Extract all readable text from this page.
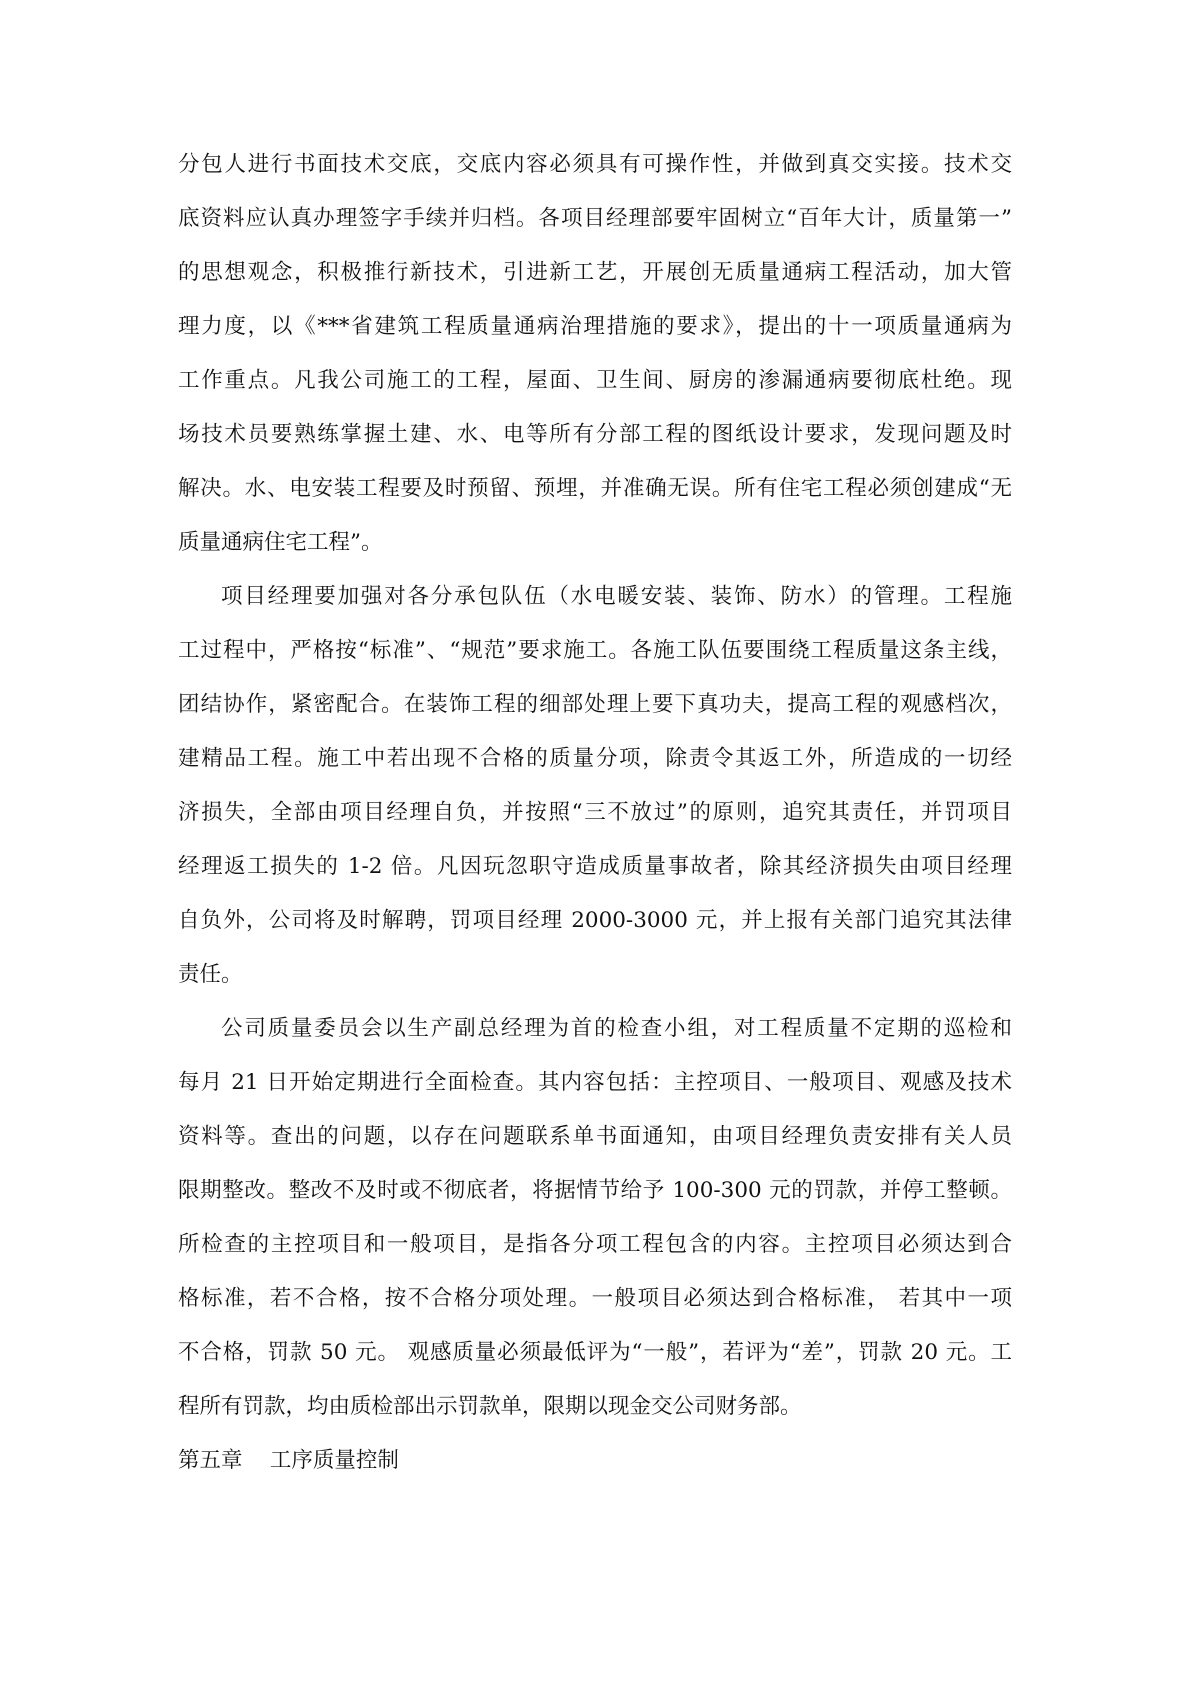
分包人进行书面技术交底，交底内容必须具有可操作性，并做到真交实接。技术交
底资料应认真办理签字手续并归档。各项目经理部要牢固树立“百年大计，质量第一”
的思想观念，积极推行新技术，引进新工艺，开展创无质量通病工程活动，加大管
理力度，以《***省建筑工程质量通病治理措施的要求》，提出的十一项质量通病为
工作重点。凡我公司施工的工程，屋面、卫生间、厨房的渗漏通病要彻底杜绝。现
场技术员要熟练掌握土建、水、电等所有分部工程的图纸设计要求，发现问题及时
解决。水、电安装工程要及时预留、预埋，并准确无误。所有住宅工程必须创建成“无
质量通病住宅工程”。
项目经理要加强对各分承包队伍（水电暖安装、装饰、防水）的管理。工程施
工过程中，严格按“标准”、“规范”要求施工。各施工队伍要围绕工程质量这条主线，
团结协作，紧密配合。在装饰工程的细部处理上要下真功夫，提高工程的观感档次，
建精品工程。施工中若出现不合格的质量分项，除责令其返工外，所造成的一切经
济损失，全部由项目经理自负，并按照“三不放过”的原则，追究其责任，并罚项目
经理返工损失的 1-2 倍。凡因玩忽职守造成质量事故者，除其经济损失由项目经理
自负外，公司将及时解聘，罚项目经理 2000-3000 元，并上报有关部门追究其法律
责任。
公司质量委员会以生产副总经理为首的检查小组，对工程质量不定期的巡检和
每月 21 日开始定期进行全面检查。其内容包括：主控项目、一般项目、观感及技术
资料等。查出的问题，以存在问题联系单书面通知，由项目经理负责安排有关人员
限期整改。整改不及时或不彻底者，将据情节给予 100-300 元的罚款，并停工整顿。
所检查的主控项目和一般项目，是指各分项工程包含的内容。主控项目必须达到合
格标准，若不合格，按不合格分项处理。一般项目必须达到合格标准， 若其中一项
不合格，罚款 50 元。 观感质量必须最低评为“一般”，若评为“差”，罚款 20 元。工
程所有罚款，均由质检部出示罚款单，限期以现金交公司财务部。
第五章    工序质量控制
